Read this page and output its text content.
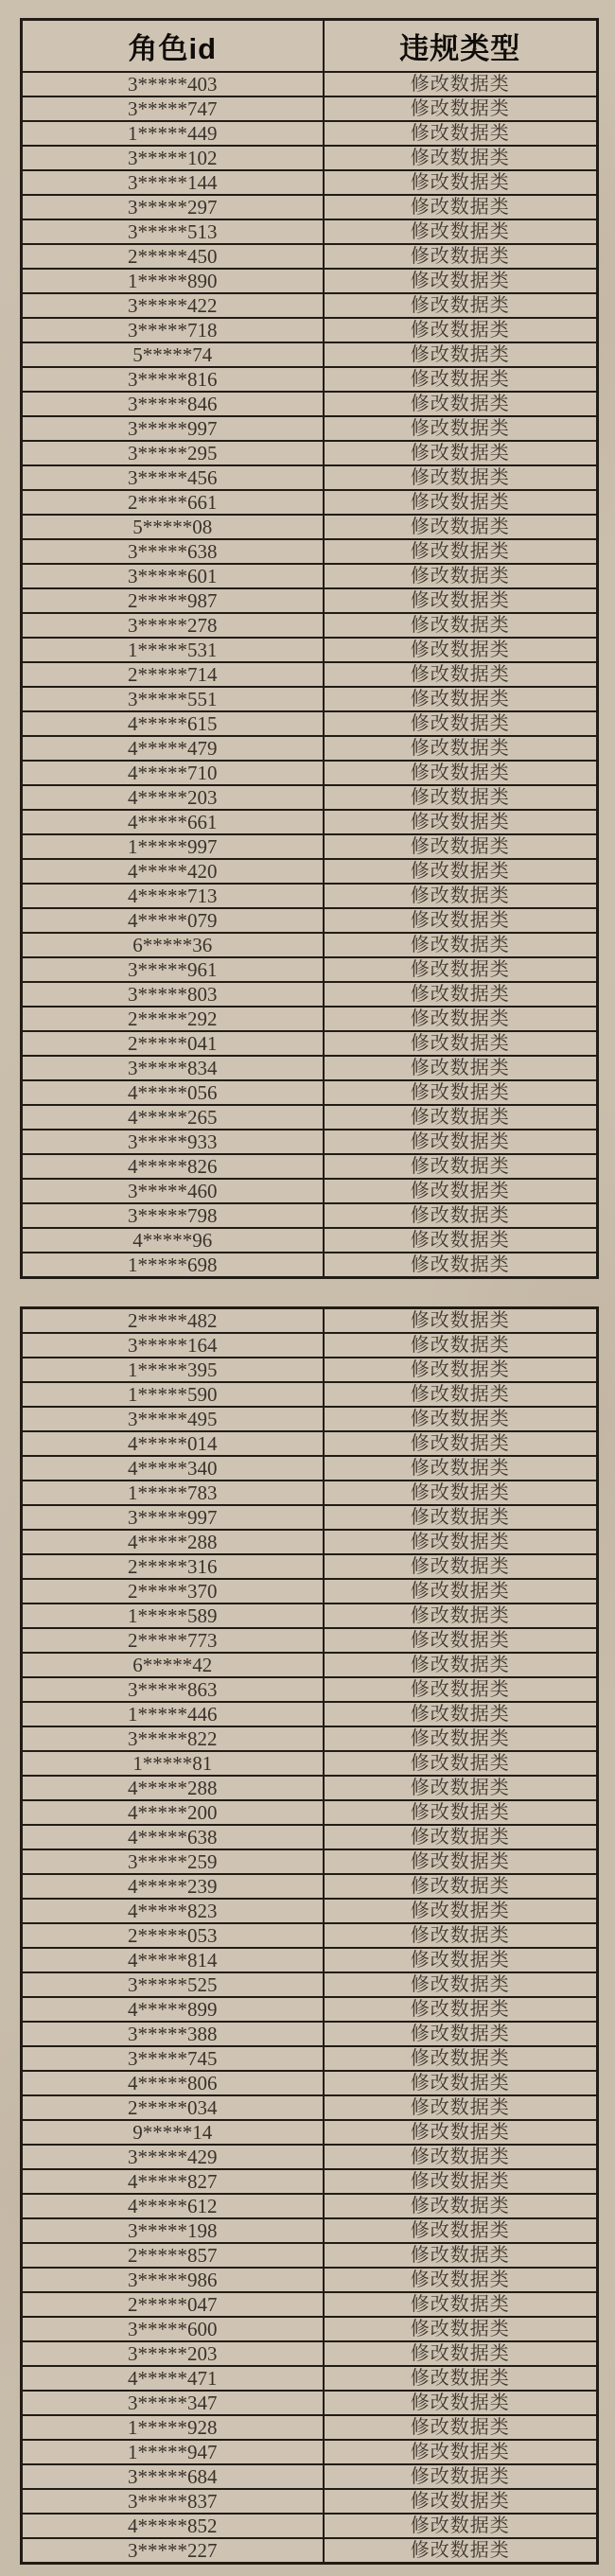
角色id	违规类型
3*****403	修改数据类
3*****747	修改数据类
1*****449	修改数据类
3*****102	修改数据类
3*****144	修改数据类
3*****297	修改数据类
3*****513	修改数据类
2*****450	修改数据类
1*****890	修改数据类
3*****422	修改数据类
3*****718	修改数据类
5*****74	修改数据类
3*****816	修改数据类
3*****846	修改数据类
3*****997	修改数据类
3*****295	修改数据类
3*****456	修改数据类
2*****661	修改数据类
5*****08	修改数据类
3*****638	修改数据类
3*****601	修改数据类
2*****987	修改数据类
3*****278	修改数据类
1*****531	修改数据类
2*****714	修改数据类
3*****551	修改数据类
4*****615	修改数据类
4*****479	修改数据类
4*****710	修改数据类
4*****203	修改数据类
4*****661	修改数据类
1*****997	修改数据类
4*****420	修改数据类
4*****713	修改数据类
4*****079	修改数据类
6*****36	修改数据类
3*****961	修改数据类
3*****803	修改数据类
2*****292	修改数据类
2*****041	修改数据类
3*****834	修改数据类
4*****056	修改数据类
4*****265	修改数据类
3*****933	修改数据类
4*****826	修改数据类
3*****460	修改数据类
3*****798	修改数据类
4*****96	修改数据类
1*****698	修改数据类
2*****482	修改数据类
3*****164	修改数据类
1*****395	修改数据类
1*****590	修改数据类
3*****495	修改数据类
4*****014	修改数据类
4*****340	修改数据类
1*****783	修改数据类
3*****997	修改数据类
4*****288	修改数据类
2*****316	修改数据类
2*****370	修改数据类
1*****589	修改数据类
2*****773	修改数据类
6*****42	修改数据类
3*****863	修改数据类
1*****446	修改数据类
3*****822	修改数据类
1*****81	修改数据类
4*****288	修改数据类
4*****200	修改数据类
4*****638	修改数据类
3*****259	修改数据类
4*****239	修改数据类
4*****823	修改数据类
2*****053	修改数据类
4*****814	修改数据类
3*****525	修改数据类
4*****899	修改数据类
3*****388	修改数据类
3*****745	修改数据类
4*****806	修改数据类
2*****034	修改数据类
9*****14	修改数据类
3*****429	修改数据类
4*****827	修改数据类
4*****612	修改数据类
3*****198	修改数据类
2*****857	修改数据类
3*****986	修改数据类
2*****047	修改数据类
3*****600	修改数据类
3*****203	修改数据类
4*****471	修改数据类
3*****347	修改数据类
1*****928	修改数据类
1*****947	修改数据类
3*****684	修改数据类
3*****837	修改数据类
4*****852	修改数据类
3*****227	修改数据类
